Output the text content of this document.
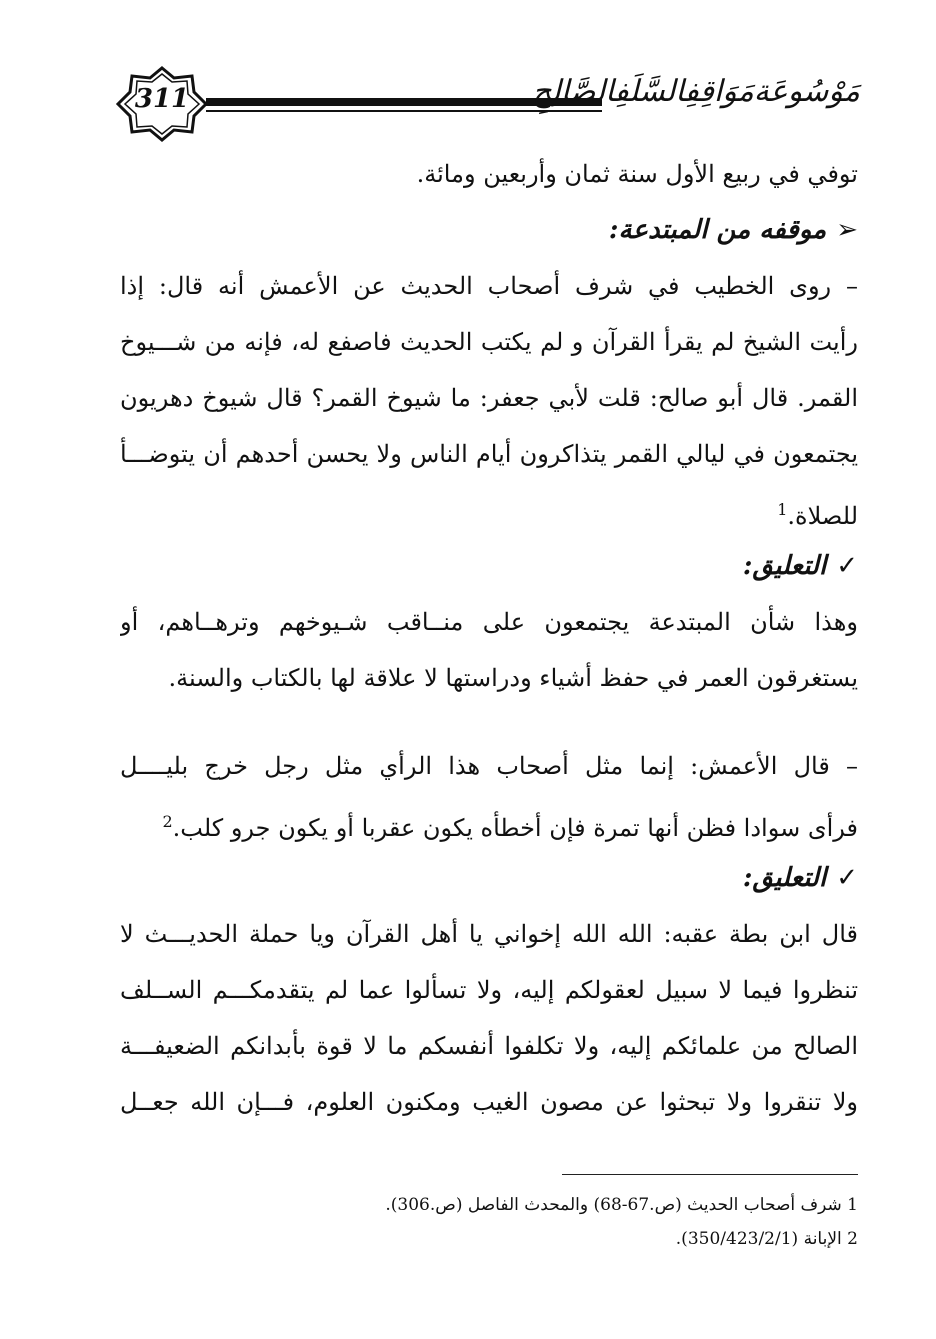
311	مَوْسُوعَةمَوَاقِفِالسَّلَفِالصَّالِحِ
توفي في ربيع الأول سنة ثمان وأربعين ومائة.
➢موقفه من المبتدعة:
– روى الخطيب في شرف أصحاب الحديث عن الأعمش أنه قال: إذا
رأيت الشيخ لم يقرأ القرآن و لم يكتب الحديث فاصفع له، فإنه من شـــيوخ
القمر. قال أبو صالح: قلت لأبي جعفر: ما شيوخ القمر؟ قال شيوخ دهريون
يجتمعون في ليالي القمر يتذاكرون أيام الناس ولا يحسن أحدهم أن يتوضـــأ
للصلاة.$^1$
✓التعليق:
وهذا شأن المبتدعة يجتمعون على منــاقب شـيوخهم وترهــاهم، أو
يستغرقون العمر في حفظ أشياء ودراستها لا علاقة لها بالكتاب والسنة.
– قال الأعمش: إنما مثل أصحاب هذا الرأي مثل رجل خرج بليــــل
فرأى سوادا فظن أنها تمرة فإن أخطأه يكون عقربا أو يكون جرو كلب.$^2$
✓التعليق:
قال ابن بطة عقبه: الله الله إخواني يا أهل القرآن ويا حملة الحديـــث لا
تنظروا فيما لا سبيل لعقولكم إليه، ولا تسألوا عما لم يتقدمكـــم الســلف
الصالح من علمائكم إليه، ولا تكلفوا أنفسكم ما لا قوة بأبدانكم الضعيفـــة
ولا تنقروا ولا تبحثوا عن مصون الغيب ومكنون العلوم، فـــإن الله جعــل
1 شرف أصحاب الحديث (ص.67-68) والمحدث الفاصل (ص.306).
2 الإبانة (350/423/2/1).
